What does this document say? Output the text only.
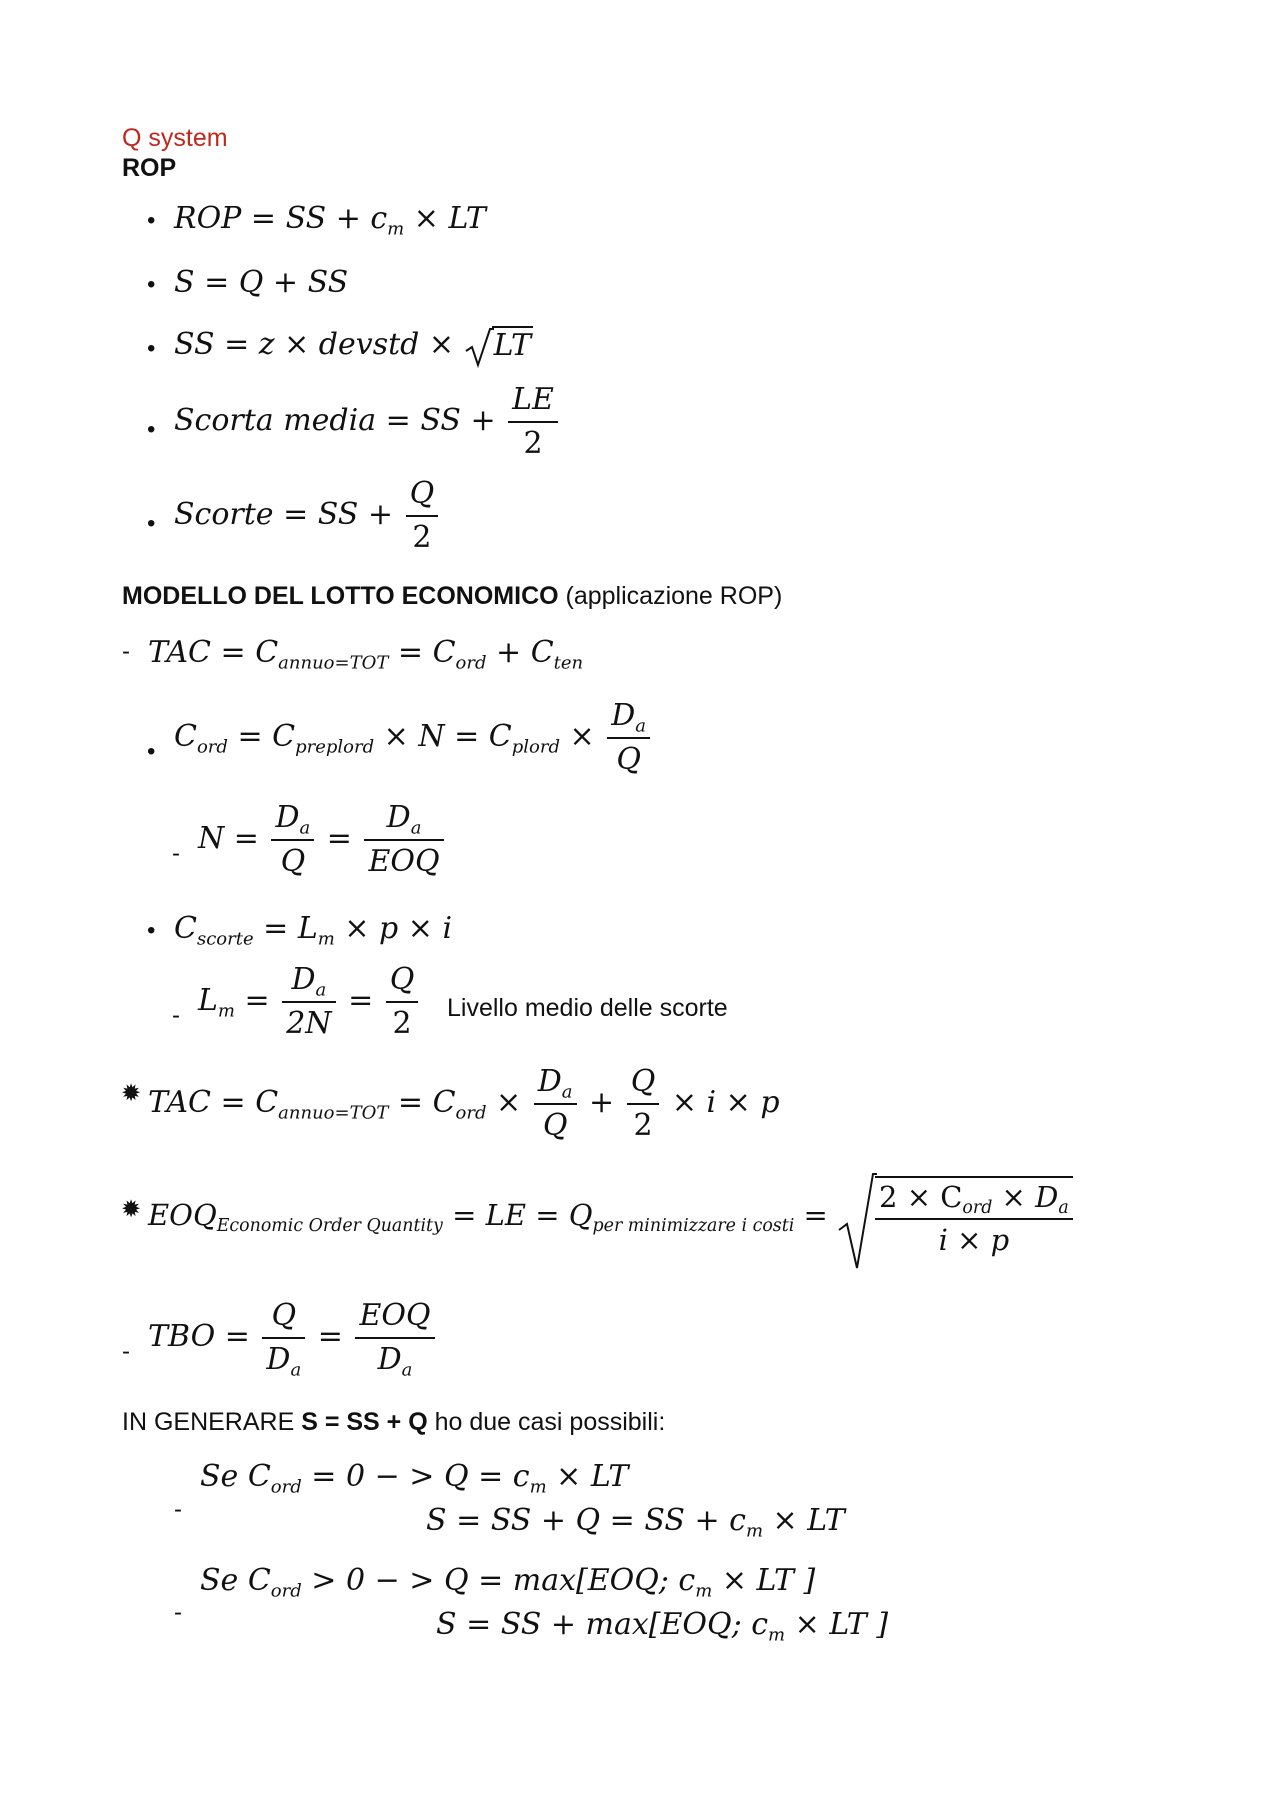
Q system
ROP
• ROP = SS + $c_m$ × LT
• S = Q + SS
• SS = z × devstd ×
LT
• Scorta media = SS + $\frac{LE}{2}$
• Scorte = SS + $\frac{Q}{2}$
MODELLO DEL LOTTO ECONOMICO (applicazione ROP)
- TAC = $C_{annuo=TOT} = C_{ord} + C_{ten}$
• $C_{ord} = C_{preplord} \times N = C_{plord} \times \frac{D_a}{Q}$
- $N = \frac{D_a}{Q} = \frac{D_a}{\text{EOQ}}$
• $C_{scorte} = L_m \times p \times i$
- $L_m = \frac{D_a}{2N} = \frac{Q}{2}$ Livello medio delle scorte
✹ TAC = $C_{annuo=TOT} = C_{ord} \times \frac{D_a}{Q} + \frac{Q}{2} \times i \times p$
✹ $EOQ_{Economic Order Quantity}$ = LE = $Q_{per minimizzare i costi} = \frac{2 \times C_{ord} \times D_a}{i \times p}$
- TBO = $\frac{Q}{D_a} = \frac{\text{EOQ}}{D_a}$
IN GENERARE S = SS + Q ho due casi possibili:
-
Se $C_{ord} = 0$ − > $Q = c_m$ × LT
S = SS + Q = SS + $c_m$ × LT
-
Se $C_{ord} > 0$ − > Q = max[EOQ; $c_m$ × LT ]
S = SS + max[EOQ; $c_m$ × LT ]
